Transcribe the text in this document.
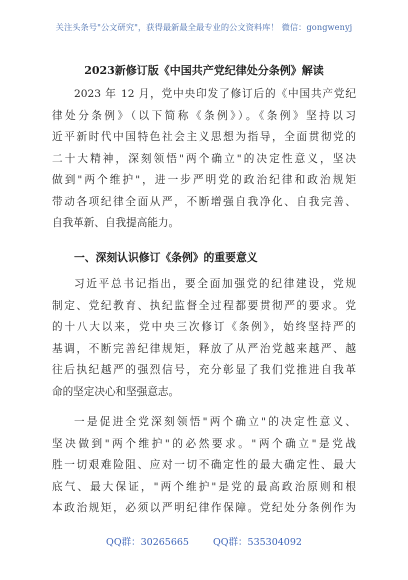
关注头条号"公文研究"，获得最新最全最专业的公文资料库！ 微信：gongwenyj
2023新修订版《中国共产党纪律处分条例》解读
2023 年 12 月，党中央印发了修订后的《中国共产党纪
律处分条例》（以下简称《条例》）。《条例》坚持以习
近平新时代中国特色社会主义思想为指导，全面贯彻党的
二十大精神，深刻领悟"两个确立"的决定性意义，坚决
做到"两个维护"，进一步严明党的政治纪律和政治规矩
带动各项纪律全面从严，不断增强自我净化、自我完善、
自我革新、自我提高能力。
一、深刻认识修订《条例》的重要意义
习近平总书记指出，要全面加强党的纪律建设，党规
制定、党纪教育、执纪监督全过程都要贯彻严的要求。党
的十八大以来，党中央三次修订《条例》，始终坚持严的
基调，不断完善纪律规矩，释放了从严治党越来越严、越
往后执纪越严的强烈信号，充分彰显了我们党推进自我革
命的坚定决心和坚强意志。
一是促进全党深刻领悟"两个确立"的决定性意义、
坚决做到"两个维护"的必然要求。"两个确立"是党战
胜一切艰难险阻、应对一切不确定性的最大确定性、最大
底气、最大保证，"两个维护"是党的最高政治原则和根
本政治规矩，必须以严明纪律作保障。党纪处分条例作为
QQ群：30265665	QQ群：535304092
